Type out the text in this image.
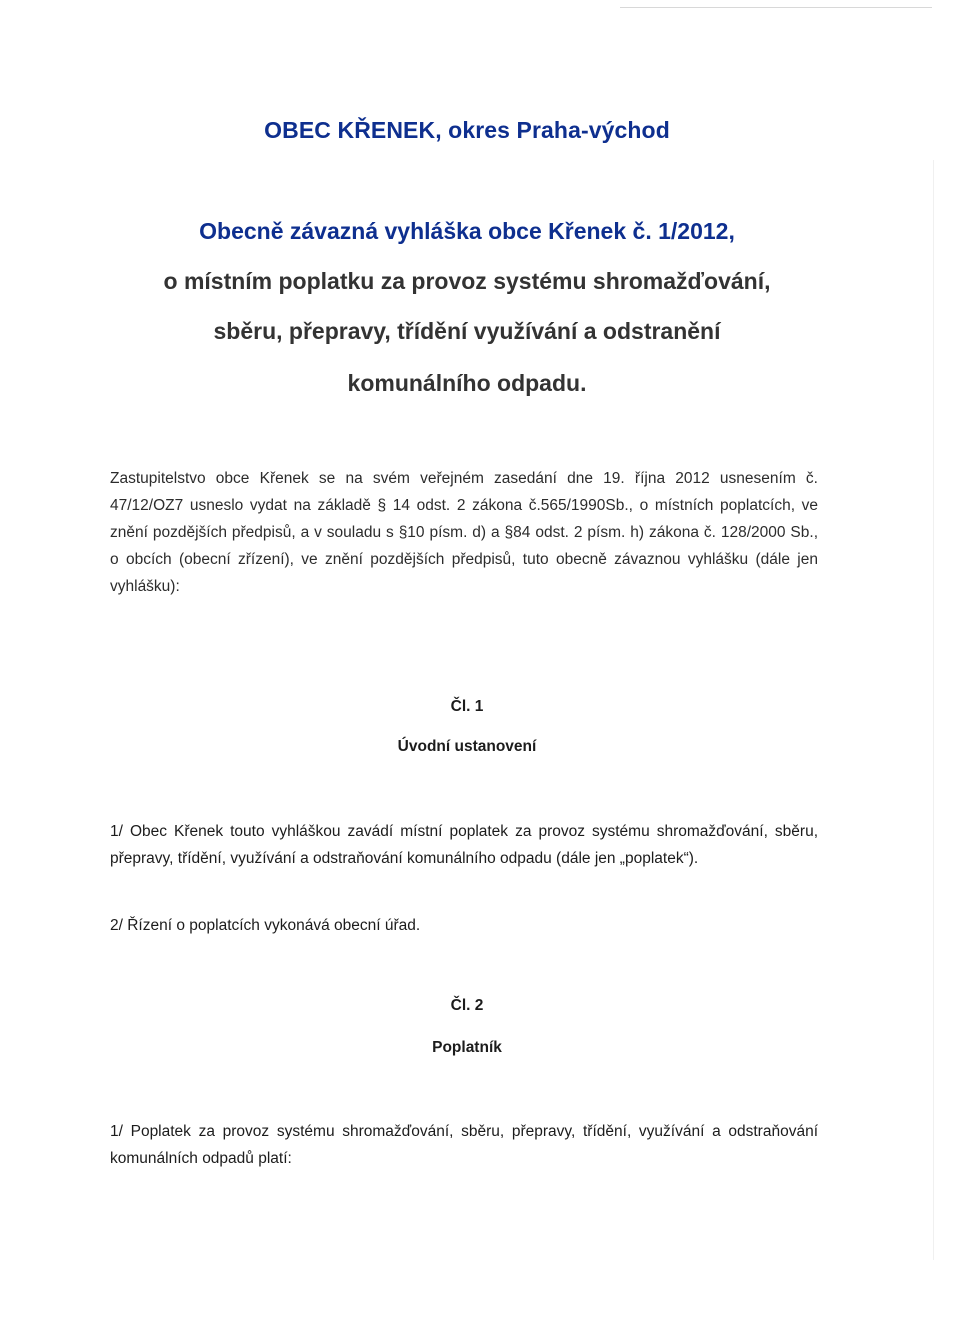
OBEC KŘENEK, okres Praha-východ
Obecně závazná vyhláška obce Křenek č. 1/2012,
o místním poplatku za provoz systému shromažďování,
sběru, přepravy, třídění využívání a odstranění
komunálního odpadu.
Zastupitelstvo obce Křenek se na svém veřejném zasedání dne 19. října 2012 usnesením č. 47/12/OZ7 usneslo vydat na základě § 14 odst. 2 zákona č.565/1990Sb., o místních poplatcích, ve znění pozdějších předpisů, a v souladu s §10 písm. d) a §84 odst. 2 písm. h) zákona č. 128/2000 Sb., o obcích (obecní zřízení), ve znění pozdějších předpisů, tuto obecně závaznou vyhlášku (dále jen vyhlášku):
Čl. 1
Úvodní ustanovení
1/ Obec Křenek touto vyhláškou zavádí místní poplatek za provoz systému shromažďování, sběru, přepravy, třídění, využívání a odstraňování komunálního odpadu (dále jen „poplatek“).
2/ Řízení o poplatcích vykonává obecní úřad.
Čl. 2
Poplatník
1/ Poplatek za provoz systému shromažďování, sběru, přepravy, třídění, využívání a odstraňování komunálních odpadů platí:
